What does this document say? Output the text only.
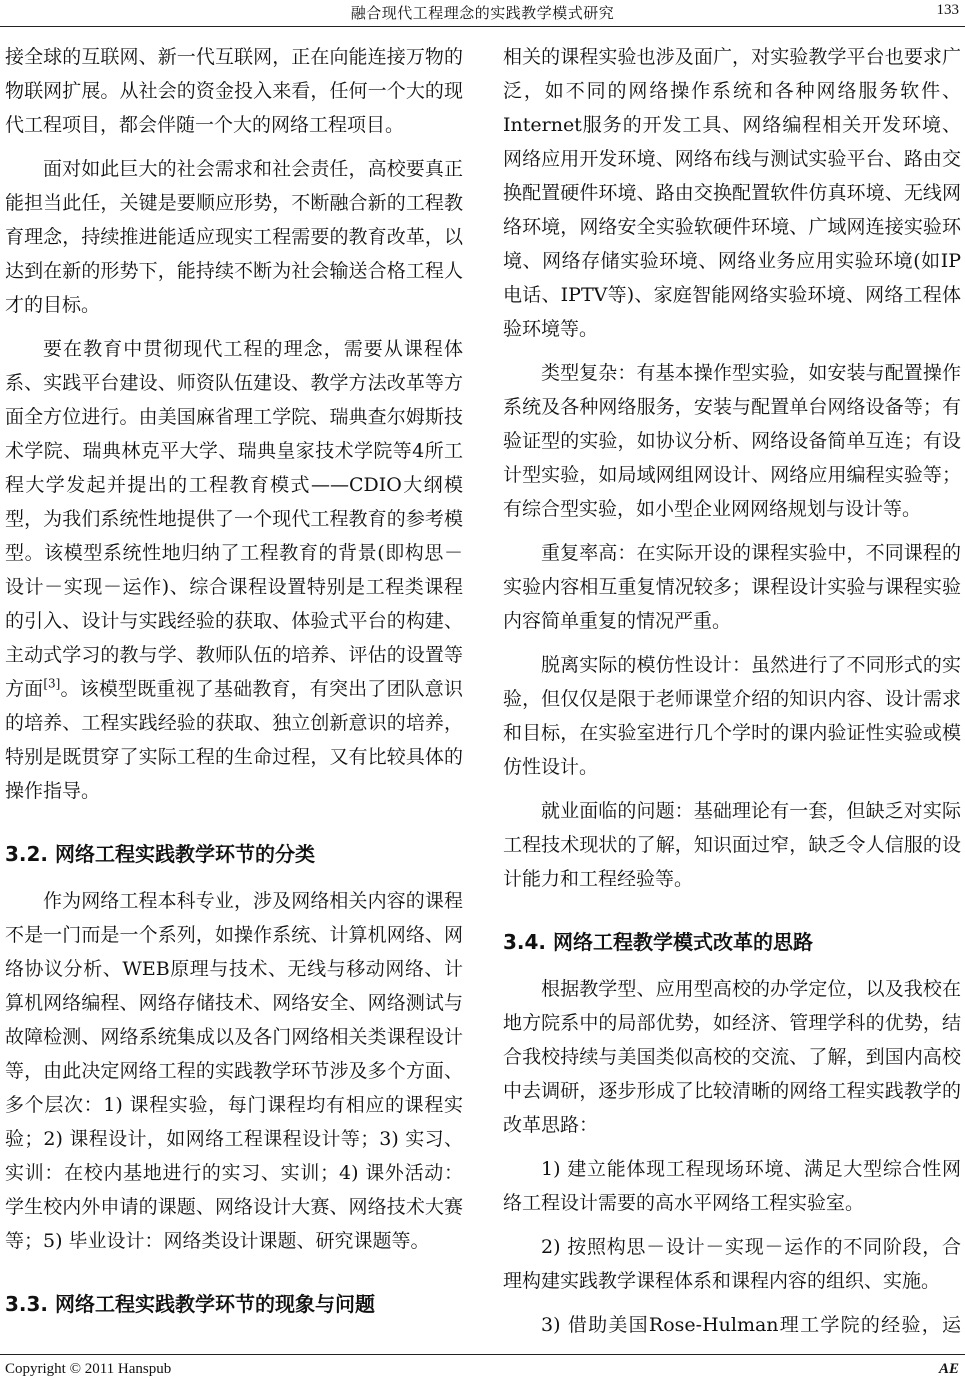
融合现代工程理念的实践教学模式研究	133

接全球的互联网、新一代互联网，正在向能连接万物的物联网扩展。从社会的资金投入来看，任何一个大的现代工程项目，都会伴随一个大的网络工程项目。

面对如此巨大的社会需求和社会责任，高校要真正能担当此任，关键是要顺应形势，不断融合新的工程教育理念，持续推进能适应现实工程需要的教育改革，以达到在新的形势下，能持续不断为社会输送合格工程人才的目标。

要在教育中贯彻现代工程的理念，需要从课程体系、实践平台建设、师资队伍建设、教学方法改革等方面全方位进行。由美国麻省理工学院、瑞典查尔姆斯技术学院、瑞典林克平大学、瑞典皇家技术学院等4所工程大学发起并提出的工程教育模式——CDIO大纲模型，为我们系统性地提供了一个现代工程教育的参考模型。该模型系统性地归纳了工程教育的背景(即构思－设计－实现－运作)、综合课程设置特别是工程类课程的引入、设计与实践经验的获取、体验式平台的构建、主动式学习的教与学、教师队伍的培养、评估的设置等方面[3]。该模型既重视了基础教育，有突出了团队意识的培养、工程实践经验的获取、独立创新意识的培养，特别是既贯穿了实际工程的生命过程，又有比较具体的操作指导。

3.2. 网络工程实践教学环节的分类

作为网络工程本科专业，涉及网络相关内容的课程不是一门而是一个系列，如操作系统、计算机网络、网络协议分析、WEB原理与技术、无线与移动网络、计算机网络编程、网络存储技术、网络安全、网络测试与故障检测、网络系统集成以及各门网络相关类课程设计等，由此决定网络工程的实践教学环节涉及多个方面、多个层次：1) 课程实验，每门课程均有相应的课程实验；2) 课程设计，如网络工程课程设计等；3) 实习、实训：在校内基地进行的实习、实训；4) 课外活动：学生校内外申请的课题、网络设计大赛、网络技术大赛等；5) 毕业设计：网络类设计课题、研究课题等。

3.3. 网络工程实践教学环节的现象与问题

相关的课程实验也涉及面广，对实验教学平台也要求广泛，如不同的网络操作系统和各种网络服务软件、Internet服务的开发工具、网络编程相关开发环境、网络应用开发环境、网络布线与测试实验平台、路由交换配置硬件环境、路由交换配置软件仿真环境、无线网络环境，网络安全实验软硬件环境、广域网连接实验环境、网络存储实验环境、网络业务应用实验环境(如IP电话、IPTV等)、家庭智能网络实验环境、网络工程体验环境等。

类型复杂：有基本操作型实验，如安装与配置操作系统及各种网络服务，安装与配置单台网络设备等；有验证型的实验，如协议分析、网络设备简单互连；有设计型实验，如局域网组网设计、网络应用编程实验等；有综合型实验，如小型企业网网络规划与设计等。

重复率高：在实际开设的课程实验中，不同课程的实验内容相互重复情况较多；课程设计实验与课程实验内容简单重复的情况严重。

脱离实际的模仿性设计：虽然进行了不同形式的实验，但仅仅是限于老师课堂介绍的知识内容、设计需求和目标，在实验室进行几个学时的课内验证性实验或模仿性设计。

就业面临的问题：基础理论有一套，但缺乏对实际工程技术现状的了解，知识面过窄，缺乏令人信服的设计能力和工程经验等。

3.4. 网络工程教学模式改革的思路

根据教学型、应用型高校的办学定位，以及我校在地方院系中的局部优势，如经济、管理学科的优势，结合我校持续与美国类似高校的交流、了解，到国内高校中去调研，逐步形成了比较清晰的网络工程实践教学的改革思路：

1) 建立能体现工程现场环境、满足大型综合性网络工程设计需要的高水平网络工程实验室。

2) 按照构思－设计－实现－运作的不同阶段，合理构建实践教学课程体系和课程内容的组织、实施。

3) 借助美国Rose-Hulman理工学院的经验，运

Copyright © 2011 Hanspub	AE
